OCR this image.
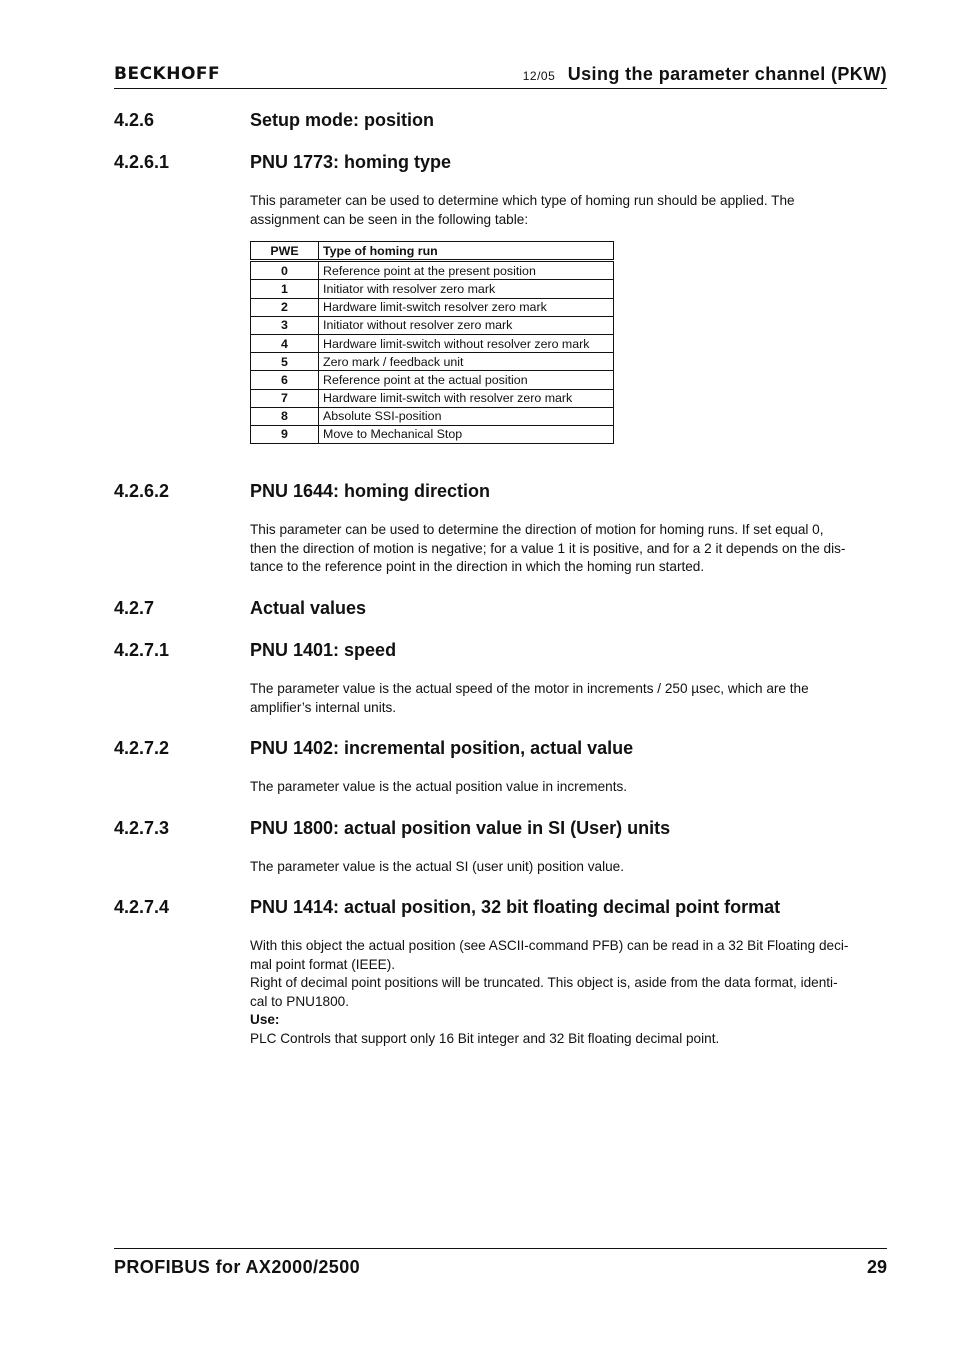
BECKHOFF	12/05 Using the parameter channel (PKW)
4.2.6	Setup mode: position
4.2.6.1	PNU 1773: homing type
This parameter can be used to determine which type of homing run should be applied. The
assignment can be seen in the following table:
PWE	Type of homing run
0	Reference point at the present position
1	Initiator with resolver zero mark
2	Hardware limit-switch resolver zero mark
3	Initiator without resolver zero mark
4	Hardware limit-switch without resolver zero mark
5	Zero mark / feedback unit
6	Reference point at the actual position
7	Hardware limit-switch with resolver zero mark
8	Absolute SSI-position
9	Move to Mechanical Stop
4.2.6.2	PNU 1644: homing direction
This parameter can be used to determine the direction of motion for homing runs. If set equal 0,
then the direction of motion is negative; for a value 1 it is positive, and for a 2 it depends on the dis-
tance to the reference point in the direction in which the homing run started.
4.2.7	Actual values
4.2.7.1	PNU 1401: speed
The parameter value is the actual speed of the motor in increments / 250 µsec, which are the
amplifier’s internal units.
4.2.7.2	PNU 1402: incremental position, actual value
The parameter value is the actual position value in increments.
4.2.7.3	PNU 1800: actual position value in SI (User) units
The parameter value is the actual SI (user unit) position value.
4.2.7.4	PNU 1414: actual position, 32 bit floating decimal point format
With this object the actual position (see ASCII-command PFB) can be read in a 32 Bit Floating deci-
mal point format (IEEE).
Right of decimal point positions will be truncated. This object is, aside from the data format, identi-
cal to PNU1800.
Use:
PLC Controls that support only 16 Bit integer and 32 Bit floating decimal point.
PROFIBUS for AX2000/2500	29
